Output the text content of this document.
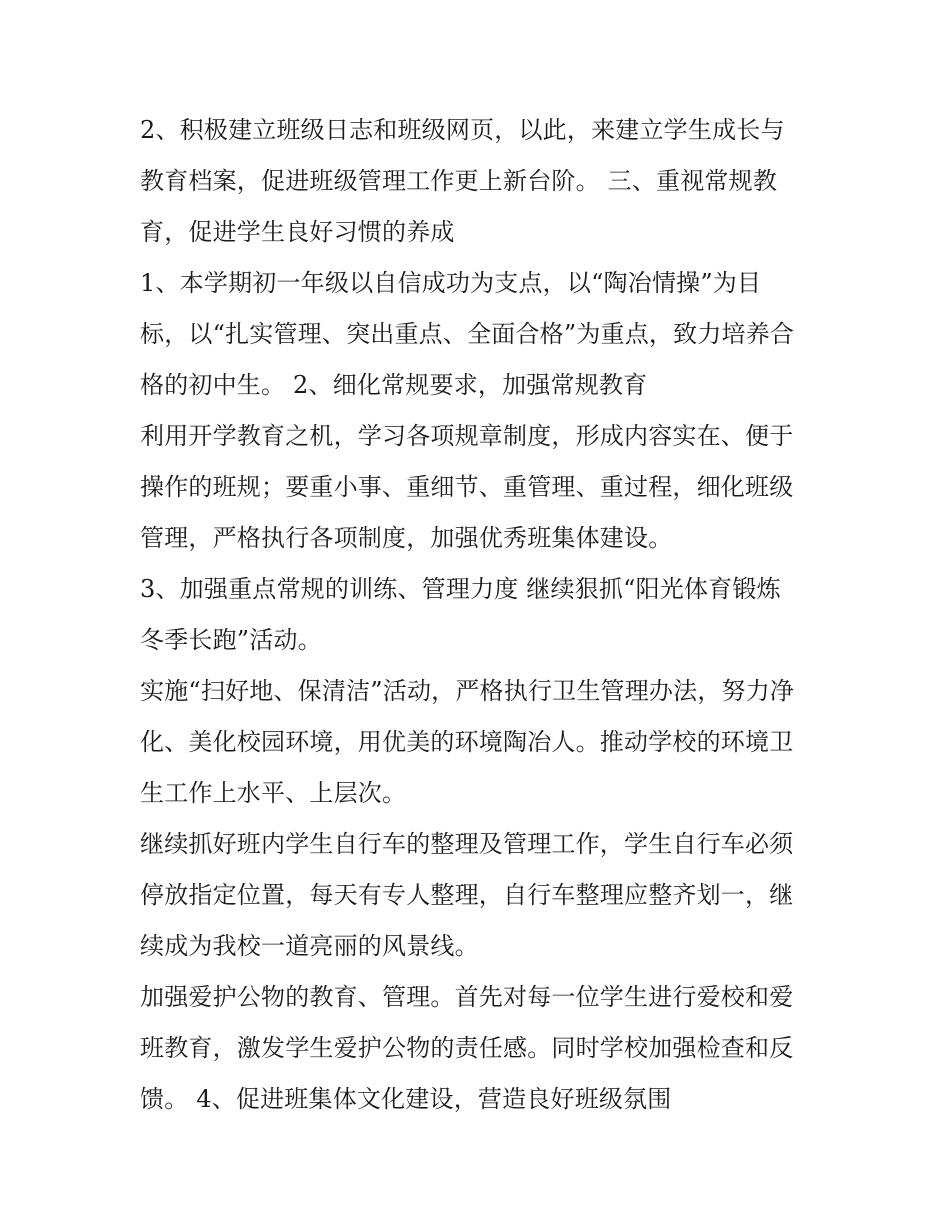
2、积极建立班级日志和班级网页，以此，来建立学生成长与
教育档案，促进班级管理工作更上新台阶。 三、重视常规教
育，促进学生良好习惯的养成
1、本学期初一年级以自信成功为支点，以“陶冶情操”为目
标，以“扎实管理、突出重点、全面合格”为重点，致力培养合
格的初中生。 2、细化常规要求，加强常规教育
利用开学教育之机，学习各项规章制度，形成内容实在、便于
操作的班规；要重小事、重细节、重管理、重过程，细化班级
管理，严格执行各项制度，加强优秀班集体建设。
3、加强重点常规的训练、管理力度 继续狠抓“阳光体育锻炼
冬季长跑”活动。
实施“扫好地、保清洁”活动，严格执行卫生管理办法，努力净
化、美化校园环境，用优美的环境陶冶人。推动学校的环境卫
生工作上水平、上层次。
继续抓好班内学生自行车的整理及管理工作，学生自行车必须
停放指定位置，每天有专人整理，自行车整理应整齐划一，继
续成为我校一道亮丽的风景线。
加强爱护公物的教育、管理。首先对每一位学生进行爱校和爱
班教育，激发学生爱护公物的责任感。同时学校加强检查和反
馈。 4、促进班集体文化建设，营造良好班级氛围
